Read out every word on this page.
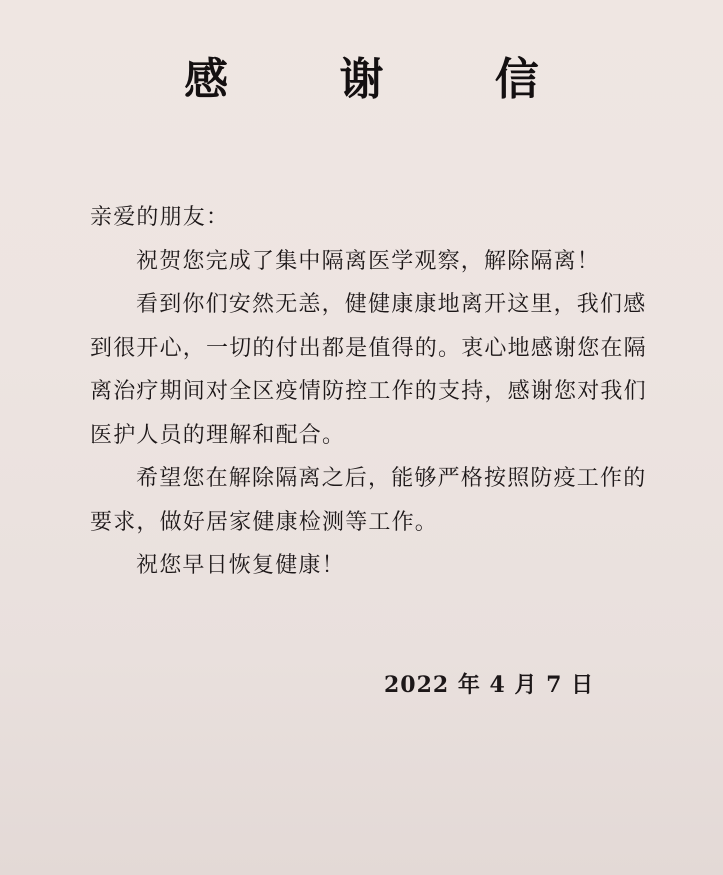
感 谢 信

亲爱的朋友：

祝贺您完成了集中隔离医学观察，解除隔离！

看到你们安然无恙，健健康康地离开这里，我们感到很开心，一切的付出都是值得的。衷心地感谢您在隔离治疗期间对全区疫情防控工作的支持，感谢您对我们医护人员的理解和配合。

希望您在解除隔离之后，能够严格按照防疫工作的要求，做好居家健康检测等工作。

祝您早日恢复健康！

2022 年 4 月 7 日
